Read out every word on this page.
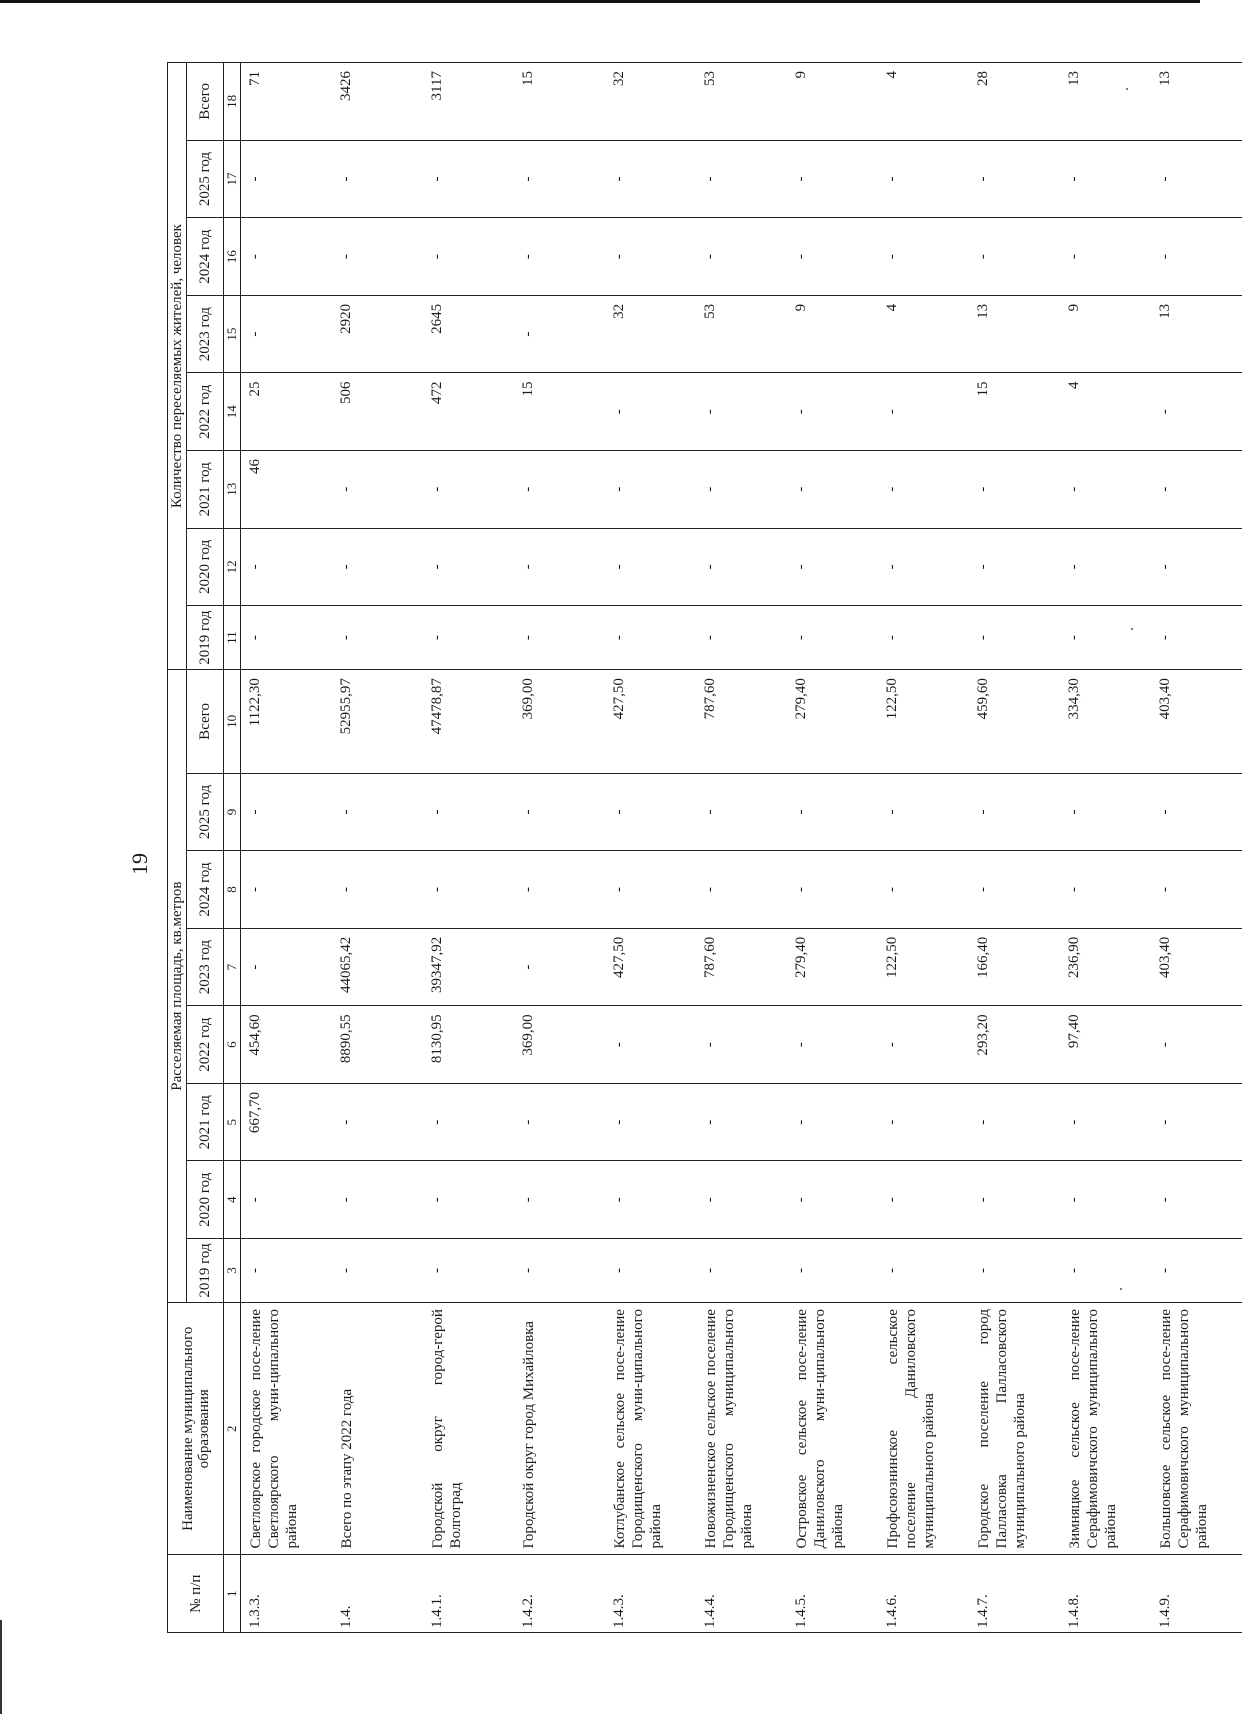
19
№ п/п	Наименование муниципального образования	Расселяемая площадь, кв.метров								Количество переселяемых жителей, человек							
		2019 год	2020 год	2021 год	2022 год	2023 год	2024 год	2025 год	Всего	2019 год	2020 год	2021 год	2022 год	2023 год	2024 год	2025 год	Всего
1	2	3	4	5	6	7	8	9	10	11	12	13	14	15	16	17	18
1.3.3.	Светлоярское городское посе-ление Светлоярского муни-ципального района	-	-	667,70	454,60	-	-	-	1122,30	-	-	46	25	-	-	-	71
1.4.	Всего по этапу 2022 года	-	-	-	8890,55	44065,42	-	-	52955,97	-	-	-	506	2920	-	-	3426
1.4.1.	Городской округ город-герой Волгоград	-	-	-	8130,95	39347,92	-	-	47478,87	-	-	-	472	2645	-	-	3117
1.4.2.	Городской округ город Михайловка	-	-	-	369,00	-	-	-	369,00	-	-	-	15	-	-	-	15
1.4.3.	Котлубанское сельское посе-ление Городищенского муни-ципального района	-	-	-	-	427,50	-	-	427,50	-	-	-	-	32	-	-	32
1.4.4.	Новожизненское сельское поселение Городищенского муниципального района	-	-	-	-	787,60	-	-	787,60	-	-	-	-	53	-	-	53
1.4.5.	Островское сельское посе-ление Даниловского муни-ципального района	-	-	-	-	279,40	-	-	279,40	-	-	-	-	9	-	-	9
1.4.6.	Профсоюзнинское сельское поселение Даниловского муниципального района	-	-	-	-	122,50	-	-	122,50	-	-	-	-	4	-	-	4
1.4.7.	Городское поселение город Палласовка Палласовского муниципального района	-	-	-	293,20	166,40	-	-	459,60	-	-	-	15	13	-	-	28
1.4.8.	Зимняцкое сельское посе-ление Серафимовичского муниципального района	-	-	-	97,40	236,90	-	-	334,30	-	-	-	4	9	-	-	13
1.4.9.	Большовское сельское посе-ление Серафимовичского муниципального района	-	-	-	-	403,40	-	-	403,40	-	-	-	-	13	-	-	13
